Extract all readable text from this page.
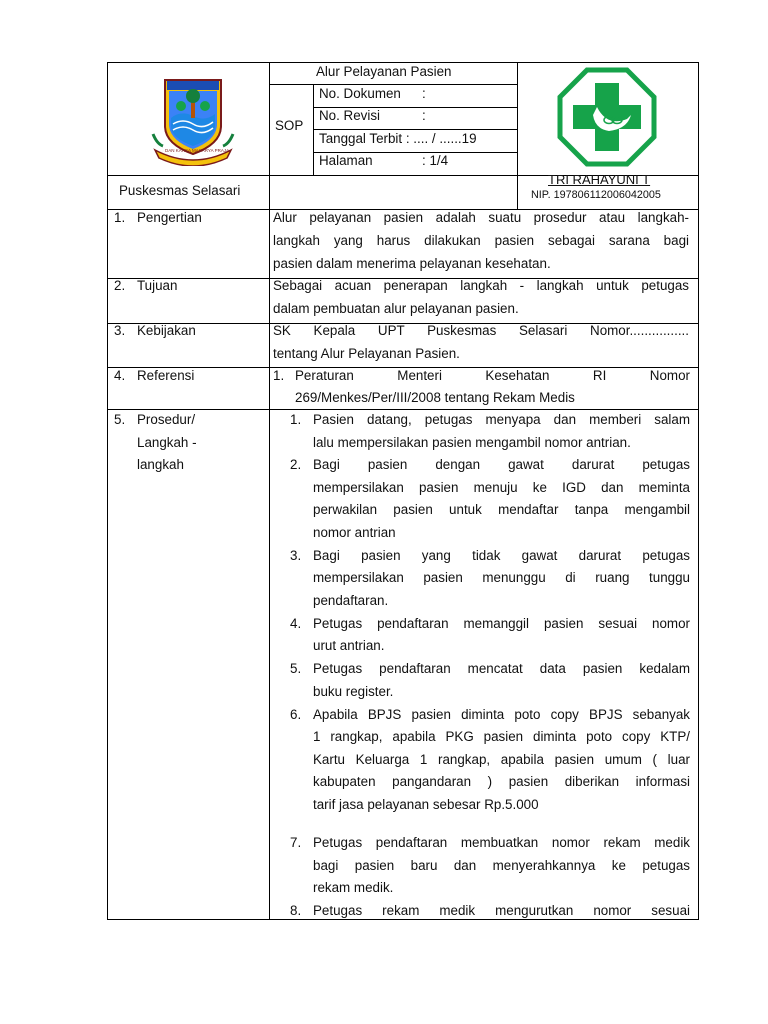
KAB. PANGANDARAN
DAN KARSA MAKARYA PRAJA
Alur Pelayanan Pasien
SOP
No. Dokumen :
No. Revisi	:
Tanggal Terbit : .... / ......19
Halaman	: 1/4
Puskesmas Selasari
TRI RAHAYUNI T
NIP. 197806112006042005
1. Pengertian	Alur pelayanan pasien adalah suatu prosedur atau langkah-
langkah yang harus dilakukan pasien sebagai sarana bagi
pasien dalam menerima pelayanan kesehatan.
2. Tujuan	Sebagai acuan penerapan langkah - langkah untuk petugas
dalam pembuatan alur pelayanan pasien.
3. Kebijakan	SK Kepala UPT Puskesmas Selasari Nomor................
tentang Alur Pelayanan Pasien.
4. Referensi	1. Peraturan Menteri Kesehatan RI Nomor
269/Menkes/Per/III/2008 tentang Rekam Medis
5. Prosedur/
Langkah -
langkah
1. Pasien datang, petugas menyapa dan memberi salam
lalu mempersilakan pasien mengambil nomor antrian.
2. Bagi pasien dengan gawat darurat petugas
mempersilakan pasien menuju ke IGD dan meminta
perwakilan pasien untuk mendaftar tanpa mengambil
nomor antrian
3. Bagi pasien yang tidak gawat darurat petugas
mempersilakan pasien menunggu di ruang tunggu
pendaftaran.
4. Petugas pendaftaran memanggil pasien sesuai nomor
urut antrian.
5. Petugas pendaftaran mencatat data pasien kedalam
buku register.
6. Apabila BPJS pasien diminta poto copy BPJS sebanyak
1 rangkap, apabila PKG pasien diminta poto copy KTP/
Kartu Keluarga 1 rangkap, apabila pasien umum ( luar
kabupaten pangandaran ) pasien diberikan informasi
tarif jasa pelayanan sebesar Rp.5.000
7. Petugas pendaftaran membuatkan nomor rekam medik
bagi pasien baru dan menyerahkannya ke petugas
rekam medik.
8. Petugas rekam medik mengurutkan nomor sesuai
